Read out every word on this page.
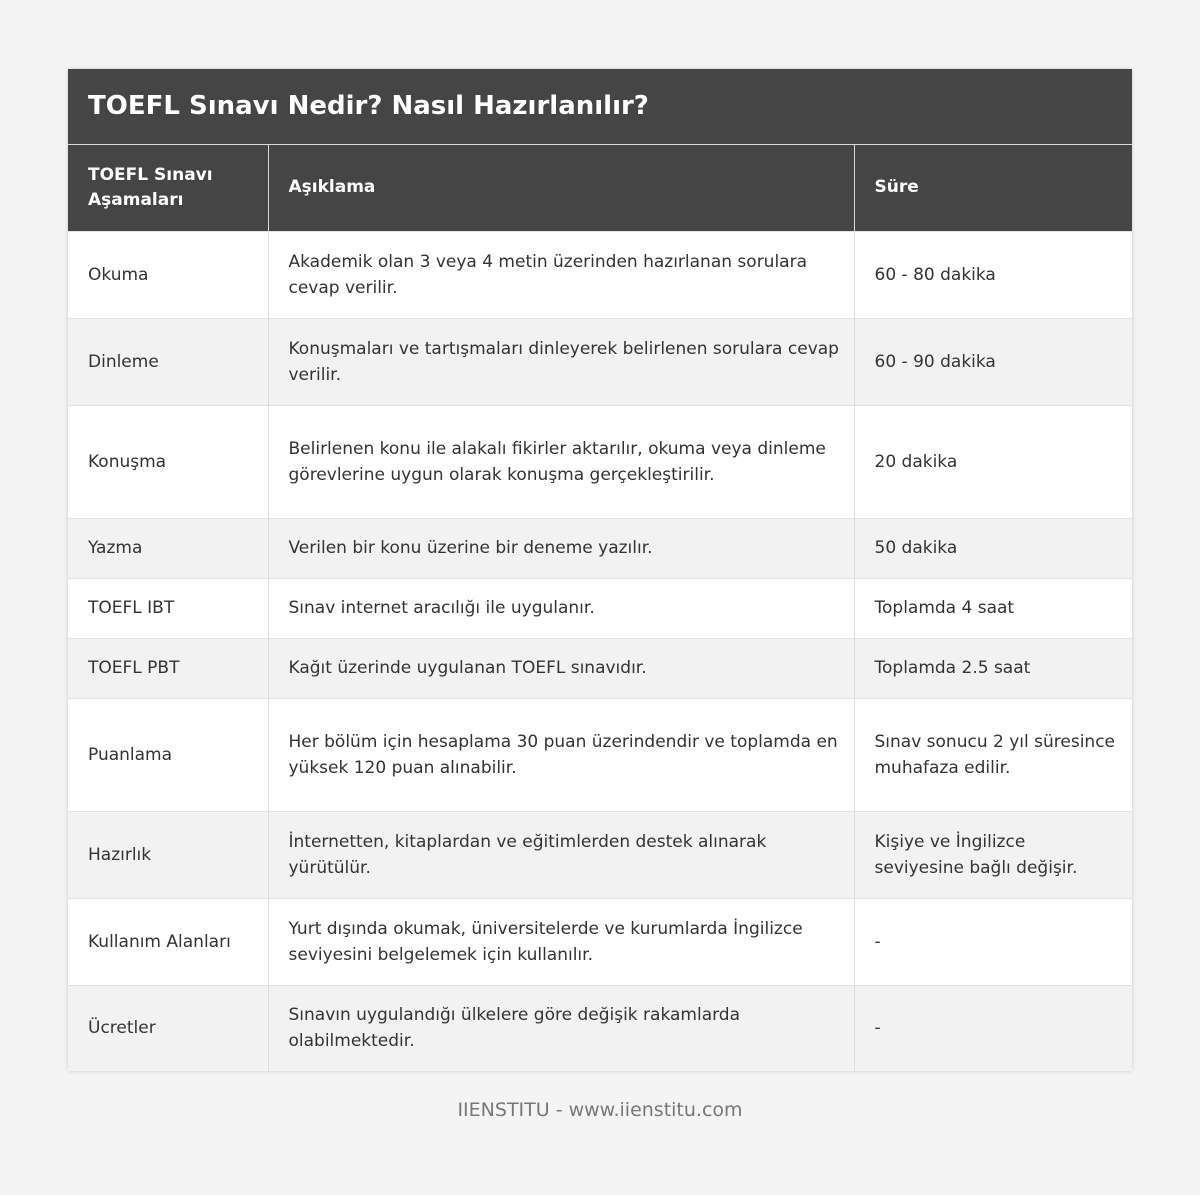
TOEFL Sınavı Nedir? Nasıl Hazırlanılır?
TOEFL Sınavı Aşamaları	Aşıklama	Süre
Okuma	Akademik olan 3 veya 4 metin üzerinden hazırlanan sorulara cevap verilir.	60 - 80 dakika
Dinleme	Konuşmaları ve tartışmaları dinleyerek belirlenen sorulara cevap verilir.	60 - 90 dakika
Konuşma	Belirlenen konu ile alakalı fikirler aktarılır, okuma veya dinleme görevlerine uygun olarak konuşma gerçekleştirilir.	20 dakika
Yazma	Verilen bir konu üzerine bir deneme yazılır.	50 dakika
TOEFL IBT	Sınav internet aracılığı ile uygulanır.	Toplamda 4 saat
TOEFL PBT	Kağıt üzerinde uygulanan TOEFL sınavıdır.	Toplamda 2.5 saat
Puanlama	Her bölüm için hesaplama 30 puan üzerindendir ve toplamda en yüksek 120 puan alınabilir.	Sınav sonucu 2 yıl süresince muhafaza edilir.
Hazırlık	İnternetten, kitaplardan ve eğitimlerden destek alınarak yürütülür.	Kişiye ve İngilizce seviyesine bağlı değişir.
Kullanım Alanları	Yurt dışında okumak, üniversitelerde ve kurumlarda İngilizce seviyesini belgelemek için kullanılır.	-
Ücretler	Sınavın uygulandığı ülkelere göre değişik rakamlarda olabilmektedir.	-
IIENSTITU - www.iienstitu.com
